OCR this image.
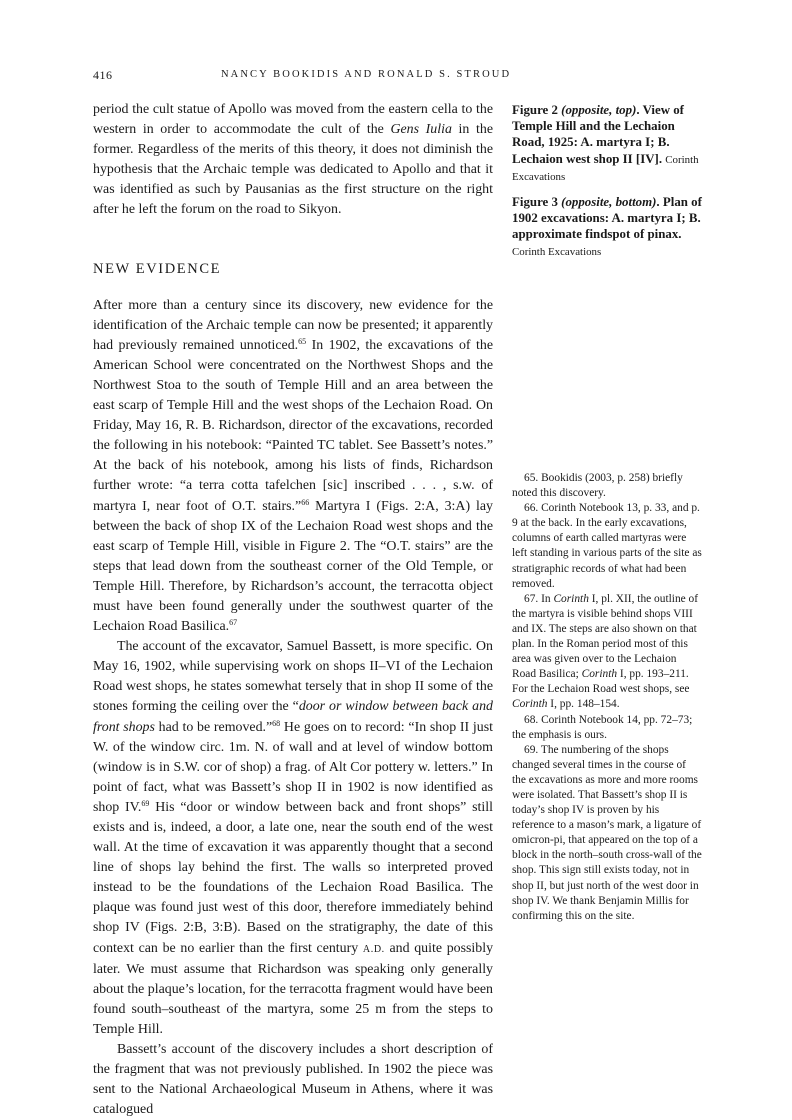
416	NANCY BOOKIDIS AND RONALD S. STROUD

period the cult statue of Apollo was moved from the eastern cella to the western in order to accommodate the cult of the Gens Iulia in the former. Regardless of the merits of this theory, it does not diminish the hypothesis that the Archaic temple was dedicated to Apollo and that it was identified as such by Pausanias as the first structure on the right after he left the forum on the road to Sikyon.

NEW EVIDENCE

After more than a century since its discovery, new evidence for the identification of the Archaic temple can now be presented; it apparently had previously remained unnoticed.$^{65}$ In 1902, the excavations of the American School were concentrated on the Northwest Shops and the Northwest Stoa to the south of Temple Hill and an area between the east scarp of Temple Hill and the west shops of the Lechaion Road. On Friday, May 16, R. B. Richardson, director of the excavations, recorded the following in his notebook: “Painted TC tablet. See Bassett’s notes.” At the back of his notebook, among his lists of finds, Richardson further wrote: “a terra cotta tafelchen [sic] inscribed . . . , s.w. of martyra I, near foot of O.T. stairs.”$^{66}$ Martyra I (Figs. 2:A, 3:A) lay between the back of shop IX of the Lechaion Road west shops and the east scarp of Temple Hill, visible in Figure 2. The “O.T. stairs” are the steps that lead down from the southeast corner of the Old Temple, or Temple Hill. Therefore, by Richardson’s account, the terracotta object must have been found generally under the southwest quarter of the Lechaion Road Basilica.$^{67}$

The account of the excavator, Samuel Bassett, is more specific. On May 16, 1902, while supervising work on shops II–VI of the Lechaion Road west shops, he states somewhat tersely that in shop II some of the stones forming the ceiling over the “door or window between back and front shops had to be removed.”$^{68}$ He goes on to record: “In shop II just W. of the window circ. 1m. N. of wall and at level of window bottom (window is in S.W. cor of shop) a frag. of Alt Cor pottery w. letters.” In point of fact, what was Bassett’s shop II in 1902 is now identified as shop IV.$^{69}$ His “door or window between back and front shops” still exists and is, indeed, a door, a late one, near the south end of the west wall. At the time of excavation it was apparently thought that a second line of shops lay behind the first. The walls so interpreted proved instead to be the foundations of the Lechaion Road Basilica. The plaque was found just west of this door, therefore immediately behind shop IV (Figs. 2:B, 3:B). Based on the stratigraphy, the date of this context can be no earlier than the first century A.D. and quite possibly later. We must assume that Richardson was speaking only generally about the plaque’s location, for the terracotta fragment would have been found south–southeast of the martyra, some 25 m from the steps to Temple Hill.

Bassett’s account of the discovery includes a short description of the fragment that was not previously published. In 1902 the piece was sent to the National Archaeological Museum in Athens, where it was catalogued

Figure 2 (opposite, top). View of Temple Hill and the Lechaion Road, 1925: A. martyra I; B. Lechaion west shop II [IV]. Corinth Excavations

Figure 3 (opposite, bottom). Plan of 1902 excavations: A. martyra I; B. approximate findspot of pinax.
Corinth Excavations

65. Bookidis (2003, p. 258) briefly noted this discovery.

66. Corinth Notebook 13, p. 33, and p. 9 at the back. In the early excavations, columns of earth called martyras were left standing in various parts of the site as stratigraphic records of what had been removed.

67. In Corinth I, pl. XII, the outline of the martyra is visible behind shops VIII and IX. The steps are also shown on that plan. In the Roman period most of this area was given over to the Lechaion Road Basilica; Corinth I, pp. 193–211. For the Lechaion Road west shops, see Corinth I, pp. 148–154.

68. Corinth Notebook 14, pp. 72–73; the emphasis is ours.

69. The numbering of the shops changed several times in the course of the excavations as more and more rooms were isolated. That Bassett’s shop II is today’s shop IV is proven by his reference to a mason’s mark, a ligature of omicron-pi, that appeared on the top of a block in the north–south cross-wall of the shop. This sign still exists today, not in shop II, but just north of the west door in shop IV. We thank Benjamin Millis for confirming this on the site.
